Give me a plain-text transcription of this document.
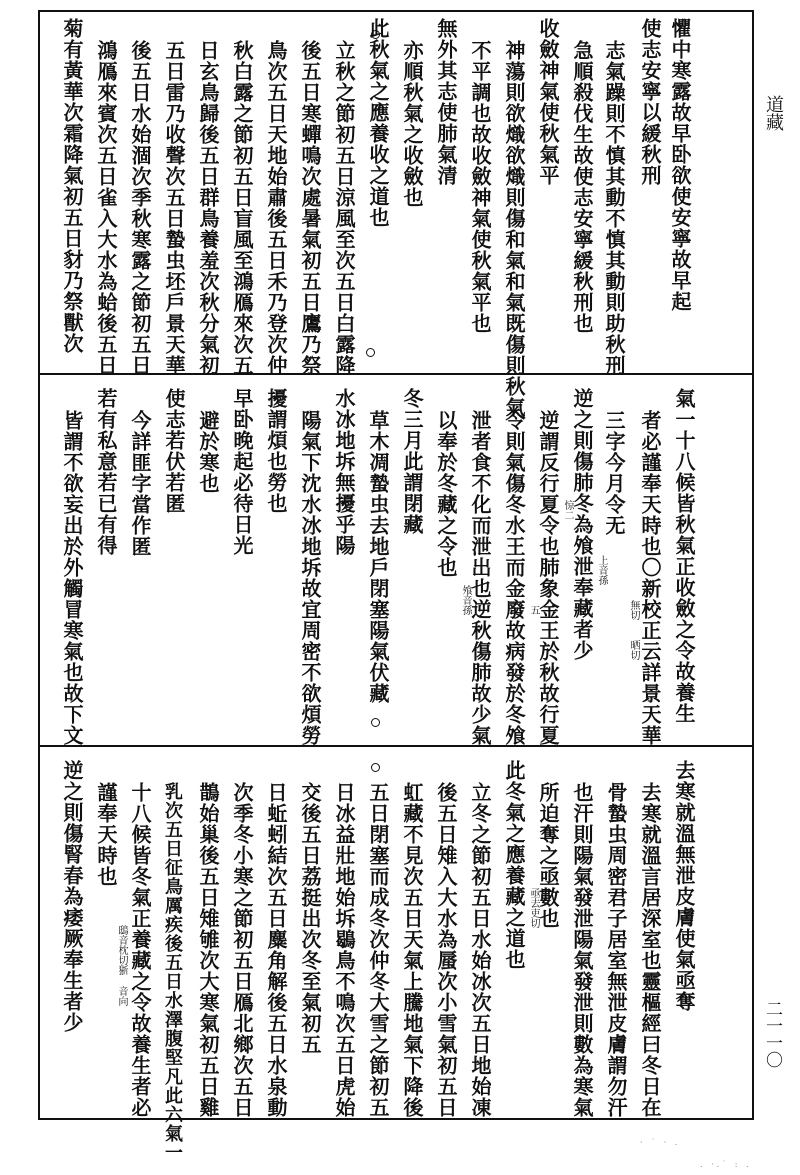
道藏
二一一〇
懼中寒露故早卧欲使安寧故早起
使志安寧以緩秋刑
志氣躁則不慎其動不慎其動則助秋刑
急順殺伐生故使志安寧緩秋刑也
收斂神氣使秋氣平
神蕩則欲熾欲熾則傷和氣和氣既傷則秋氣
不平調也故收斂神氣使秋氣平也
無外其志使肺氣清
亦順秋氣之收斂也
此秋氣之應養收之道也
立秋之節初五日涼風至次五日白露降
後五日寒蟬鳴次處暑氣初五日鷹乃祭
鳥次五日天地始肅後五日禾乃登次仲
秋白露之節初五日盲風至鴻鴈來次五
日玄鳥歸後五日群鳥養羞次秋分氣初
五日雷乃收聲次五日蟄虫坯戶景天華
後五日水始涸次季秋寒露之節初五日
鴻鴈來賓次五日雀入大水為蛤後五日
菊有黃華次霜降氣初五日豺乃祭獸次
氣一十八候皆秋氣正收斂之令故養生
者必謹奉天時也〇新校正云詳景天華
三字今月令无
逆之則傷肺冬為飧泄奉藏者少
逆謂反行夏令也肺象金王於秋故行夏
令則氣傷冬水王而金廢故病發於冬飧
泄者食不化而泄出也逆秋傷肺故少氣
以奉於冬藏之令也
冬三月此謂閉藏
草木凋蟄虫去地戶閉塞陽氣伏藏
水冰地坼無擾乎陽
陽氣下沈水冰地坼故宜周密不欲煩勞
擾謂煩也勞也
早卧晚起必待日光
避於寒也
使志若伏若匿
今詳匪字當作匿
若有私意若已有得
皆謂不欲妄出於外觸冒寒氣也故下文	無切
晒切
上音孫
飧音孫
惊二
五
去寒就溫無泄皮膚使氣亟奪
去寒就溫言居深室也靈樞經曰冬日在
骨蟄虫周密君子居室無泄皮膚謂勿汗
也汗則陽氣發泄陽氣發泄則數為寒氣
所迫奪之亟數也
此冬氣之應養藏之道也
立冬之節初五日水始冰次五日地始凍
後五日雉入大水為蜃次小雪氣初五日
虹藏不見次五日天氣上騰地氣下降後
五日閉塞而成冬次仲冬大雪之節初五
日冰益壯地始坼鶡鳥不鳴次五日虎始
交後五日荔挺出次冬至氣初五
日蚯蚓結次五日麋角解後五日水泉動
次季冬小寒之節初五日鴈北鄉次五日
鵲始巢後五日雉雊次大寒氣初五日雞
乳次五日征鳥厲疾後五日水澤腹堅凡此六氣一
十八候皆冬氣正養藏之令故養生者必
謹奉天時也
逆之則傷腎春為痿厥奉生者少	亟去吏切
鴟音枕切狾 音向
· ˙ · .
. ·.˙ : .
